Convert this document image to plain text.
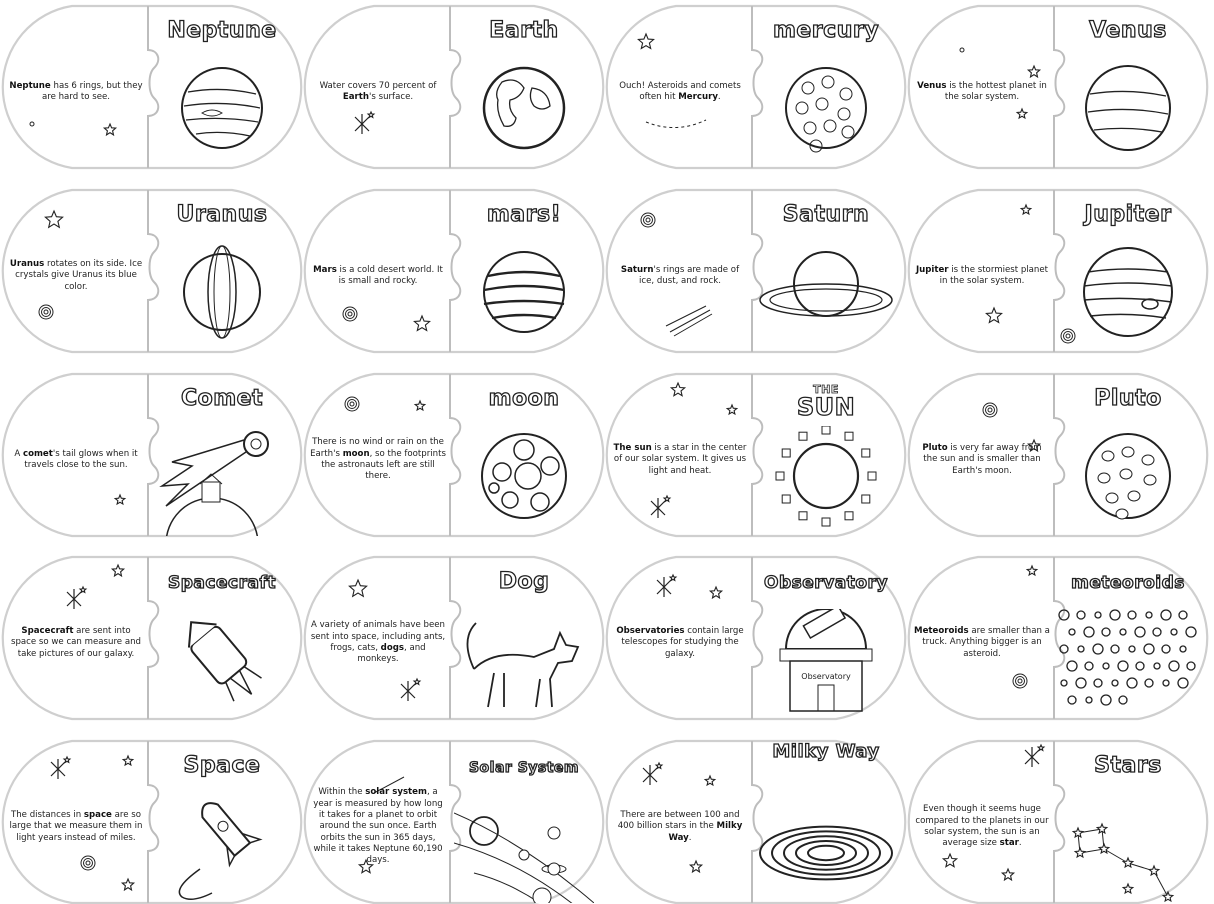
Neptune has 6 rings, but they are hard to see.
Neptune
Water covers 70 percent of Earth's surface.
Earth
Ouch! Asteroids and comets often hit Mercury.
mercury
Venus is the hottest planet in the solar system.
Venus
Uranus rotates on its side. Ice crystals give Uranus its blue color.
Uranus
Mars is a cold desert world. It is small and rocky.
mars!
Saturn's rings are made of ice, dust, and rock.
Saturn
Jupiter is the stormiest planet in the solar system.
Jupiter
A comet's tail glows when it travels close to the sun.
Comet
There is no wind or rain on the Earth's moon, so the footprints the astronauts left are still there.
moon
The sun is a star in the center of our solar system. It gives us light and heat.
THE
SUN
Pluto is very far away from the sun and is smaller than Earth's moon.
Pluto
Spacecraft are sent into space so we can measure and take pictures of our galaxy.
Spacecraft
A variety of animals have been sent into space, including ants, frogs, cats, dogs, and monkeys.
Dog
Observatories contain large telescopes for studying the galaxy.
Observatory
Observatory
Meteoroids are smaller than a truck. Anything bigger is an asteroid.
meteoroids
The distances in space are so large that we measure them in light years instead of miles.
Space
Within the solar system, a year is measured by how long it takes for a planet to orbit around the sun once. Earth orbits the sun in 365 days, while it takes Neptune 60,190 days.
Solar System
There are between 100 and 400 billion stars in the Milky Way.
Milky Way
Even though it seems huge compared to the planets in our solar system, the sun is an average size star.
Stars
